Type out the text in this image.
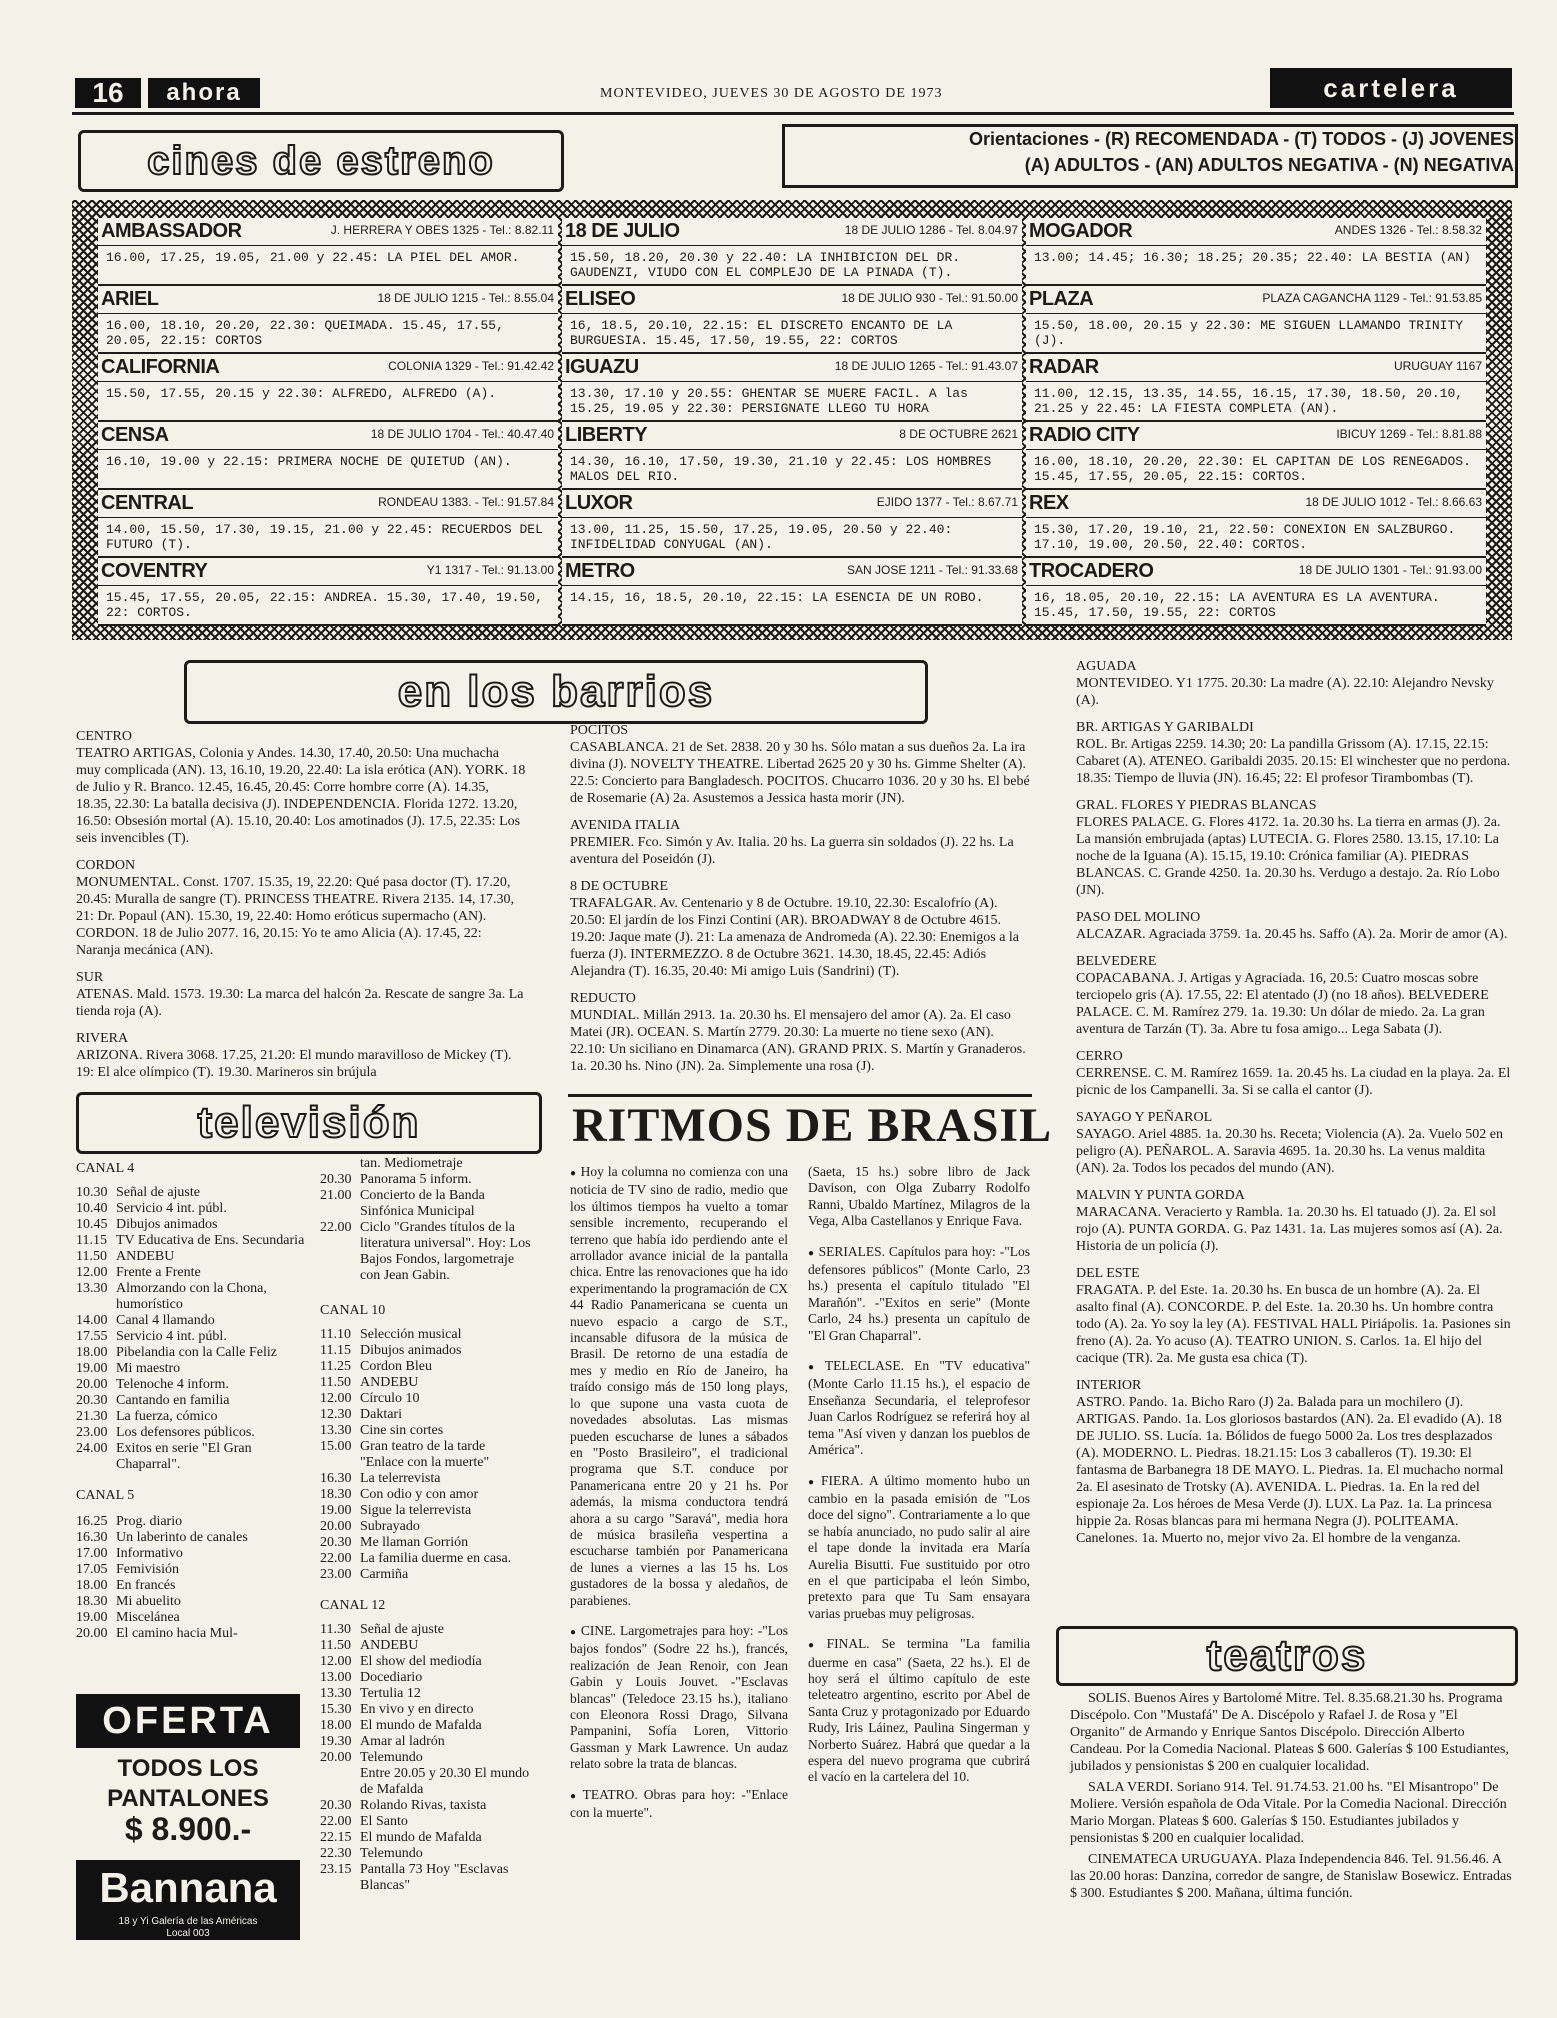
16	ahora	MONTEVIDEO, JUEVES 30 DE AGOSTO DE 1973	cartelera
cines de estreno	Orientaciones - (R) RECOMENDADA - (T) TODOS - (J) JOVENES
(A) ADULTOS - (AN) ADULTOS NEGATIVA - (N) NEGATIVA
AMBASSADOR	J. HERRERA Y OBES 1325 - Tel.: 8.82.11
16.00, 17.25, 19.05, 21.00 y 22.45: LA PIEL DEL AMOR.
ARIEL	18 DE JULIO 1215 - Tel.: 8.55.04
16.00, 18.10, 20.20, 22.30: QUEIMADA. 15.45, 17.55, 20.05, 22.15: CORTOS
CALIFORNIA	COLONIA 1329 - Tel.: 91.42.42
15.50, 17.55, 20.15 y 22.30: ALFREDO, ALFREDO (A).
CENSA	18 DE JULIO 1704 - Tel.: 40.47.40
16.10, 19.00 y 22.15: PRIMERA NOCHE DE QUIETUD (AN).
CENTRAL	RONDEAU 1383. - Tel.: 91.57.84
14.00, 15.50, 17.30, 19.15, 21.00 y 22.45: RECUERDOS DEL FUTURO (T).
COVENTRY	Y1 1317 - Tel.: 91.13.00
15.45, 17.55, 20.05, 22.15: ANDREA. 15.30, 17.40, 19.50, 22: CORTOS.
18 DE JULIO	18 DE JULIO 1286 - Tel. 8.04.97
15.50, 18.20, 20.30 y 22.40: LA INHIBICION DEL DR. GAUDENZI, VIUDO CON EL COMPLEJO DE LA PINADA (T).
ELISEO	18 DE JULIO 930 - Tel.: 91.50.00
16, 18.5, 20.10, 22.15: EL DISCRETO ENCANTO DE LA BURGUESIA. 15.45, 17.50, 19.55, 22: CORTOS
IGUAZU	18 DE JULIO 1265 - Tel.: 91.43.07
13.30, 17.10 y 20.55: GHENTAR SE MUERE FACIL. A las 15.25, 19.05 y 22.30: PERSIGNATE LLEGO TU HORA
LIBERTY	8 DE OCTUBRE 2621
14.30, 16.10, 17.50, 19.30, 21.10 y 22.45: LOS HOMBRES MALOS DEL RIO.
LUXOR	EJIDO 1377 - Tel.: 8.67.71
13.00, 11.25, 15.50, 17.25, 19.05, 20.50 y 22.40: INFIDELIDAD CONYUGAL (AN).
METRO	SAN JOSE 1211 - Tel.: 91.33.68
14.15, 16, 18.5, 20.10, 22.15: LA ESENCIA DE UN ROBO.
MOGADOR	ANDES 1326 - Tel.: 8.58.32
13.00; 14.45; 16.30; 18.25; 20.35; 22.40: LA BESTIA (AN)
PLAZA	PLAZA CAGANCHA 1129 - Tel.: 91.53.85
15.50, 18.00, 20.15 y 22.30: ME SIGUEN LLAMANDO TRINITY (J).
RADAR	URUGUAY 1167
11.00, 12.15, 13.35, 14.55, 16.15, 17.30, 18.50, 20.10, 21.25 y 22.45: LA FIESTA COMPLETA (AN).
RADIO CITY	IBICUY 1269 - Tel.: 8.81.88
16.00, 18.10, 20.20, 22.30: EL CAPITAN DE LOS RENEGADOS. 15.45, 17.55, 20.05, 22.15: CORTOS.
REX	18 DE JULIO 1012 - Tel.: 8.66.63
15.30, 17.20, 19.10, 21, 22.50: CONEXION EN SALZBURGO. 17.10, 19.00, 20.50, 22.40: CORTOS.
TROCADERO	18 DE JULIO 1301 - Tel.: 91.93.00
16, 18.05, 20.10, 22.15: LA AVENTURA ES LA AVENTURA. 15.45, 17.50, 19.55, 22: CORTOS
en los barrios
CENTRO

TEATRO ARTIGAS, Colonia y Andes. 14.30, 17.40, 20.50: Una muchacha muy complicada (AN). 13, 16.10, 19.20, 22.40: La isla erótica (AN). YORK. 18 de Julio y R. Branco. 12.45, 16.45, 20.45: Corre hombre corre (A). 14.35, 18.35, 22.30: La batalla decisiva (J). INDEPENDENCIA. Florida 1272. 13.20, 16.50: Obsesión mortal (A). 15.10, 20.40: Los amotinados (J). 17.5, 22.35: Los seis invencibles (T).

CORDON

MONUMENTAL. Const. 1707. 15.35, 19, 22.20: Qué pasa doctor (T). 17.20, 20.45: Muralla de sangre (T). PRINCESS THEATRE. Rivera 2135. 14, 17.30, 21: Dr. Popaul (AN). 15.30, 19, 22.40: Homo eróticus supermacho (AN). CORDON. 18 de Julio 2077. 16, 20.15: Yo te amo Alicia (A). 17.45, 22: Naranja mecánica (AN).

SUR

ATENAS. Mald. 1573. 19.30: La marca del halcón 2a. Rescate de sangre 3a. La tienda roja (A).

RIVERA

ARIZONA. Rivera 3068. 17.25, 21.20: El mundo maravilloso de Mickey (T). 19: El alce olímpico (T). 19.30. Marineros sin brújula

POCITOS

CASABLANCA. 21 de Set. 2838. 20 y 30 hs. Sólo matan a sus dueños 2a. La ira divina (J). NOVELTY THEATRE. Libertad 2625 20 y 30 hs. Gimme Shelter (A). 22.5: Concierto para Bangladesch. POCITOS. Chucarro 1036. 20 y 30 hs. El bebé de Rosemarie (A) 2a. Asustemos a Jessica hasta morir (JN).

AVENIDA ITALIA

PREMIER. Fco. Simón y Av. Italia. 20 hs. La guerra sin soldados (J). 22 hs. La aventura del Poseidón (J).

8 DE OCTUBRE

TRAFALGAR. Av. Centenario y 8 de Octubre. 19.10, 22.30: Escalofrío (A). 20.50: El jardín de los Finzi Contini (AR). BROADWAY 8 de Octubre 4615. 19.20: Jaque mate (J). 21: La amenaza de Andromeda (A). 22.30: Enemigos a la fuerza (J). INTERMEZZO. 8 de Octubre 3621. 14.30, 18.45, 22.45: Adiós Alejandra (T). 16.35, 20.40: Mi amigo Luis (Sandrini) (T).

REDUCTO

MUNDIAL. Millán 2913. 1a. 20.30 hs. El mensajero del amor (A). 2a. El caso Matei (JR). OCEAN. S. Martín 2779. 20.30: La muerte no tiene sexo (AN). 22.10: Un siciliano en Dinamarca (AN). GRAND PRIX. S. Martín y Granaderos. 1a. 20.30 hs. Nino (JN). 2a. Simplemente una rosa (J).

AGUADA

MONTEVIDEO. Y1 1775. 20.30: La madre (A). 22.10: Alejandro Nevsky (A).

BR. ARTIGAS Y GARIBALDI

ROL. Br. Artigas 2259. 14.30; 20: La pandilla Grissom (A). 17.15, 22.15: Cabaret (A). ATENEO. Garibaldi 2035. 20.15: El winchester que no perdona. 18.35: Tiempo de lluvia (JN). 16.45; 22: El profesor Tirambombas (T).

GRAL. FLORES Y PIEDRAS BLANCAS

FLORES PALACE. G. Flores 4172. 1a. 20.30 hs. La tierra en armas (J). 2a. La mansión embrujada (aptas) LUTECIA. G. Flores 2580. 13.15, 17.10: La noche de la Iguana (A). 15.15, 19.10: Crónica familiar (A). PIEDRAS BLANCAS. C. Grande 4250. 1a. 20.30 hs. Verdugo a destajo. 2a. Río Lobo (JN).

PASO DEL MOLINO

ALCAZAR. Agraciada 3759. 1a. 20.45 hs. Saffo (A). 2a. Morir de amor (A).

BELVEDERE

COPACABANA. J. Artigas y Agraciada. 16, 20.5: Cuatro moscas sobre terciopelo gris (A). 17.55, 22: El atentado (J) (no 18 años). BELVEDERE PALACE. C. M. Ramírez 279. 1a. 19.30: Un dólar de miedo. 2a. La gran aventura de Tarzán (T). 3a. Abre tu fosa amigo... Lega Sabata (J).

CERRO

CERRENSE. C. M. Ramírez 1659. 1a. 20.45 hs. La ciudad en la playa. 2a. El picnic de los Campanelli. 3a. Si se calla el cantor (J).

SAYAGO Y PEÑAROL

SAYAGO. Ariel 4885. 1a. 20.30 hs. Receta; Violencia (A). 2a. Vuelo 502 en peligro (A). PEÑAROL. A. Saravia 4695. 1a. 20.30 hs. La venus maldita (AN). 2a. Todos los pecados del mundo (AN).

MALVIN Y PUNTA GORDA

MARACANA. Veracierto y Rambla. 1a. 20.30 hs. El tatuado (J). 2a. El sol rojo (A). PUNTA GORDA. G. Paz 1431. 1a. Las mujeres somos así (A). 2a. Historia de un policía (J).

DEL ESTE

FRAGATA. P. del Este. 1a. 20.30 hs. En busca de un hombre (A). 2a. El asalto final (A). CONCORDE. P. del Este. 1a. 20.30 hs. Un hombre contra todo (A). 2a. Yo soy la ley (A). FESTIVAL HALL Piriápolis. 1a. Pasiones sin freno (A). 2a. Yo acuso (A). TEATRO UNION. S. Carlos. 1a. El hijo del cacique (TR). 2a. Me gusta esa chica (T).

INTERIOR

ASTRO. Pando. 1a. Bicho Raro (J) 2a. Balada para un mochilero (J). ARTIGAS. Pando. 1a. Los gloriosos bastardos (AN). 2a. El evadido (A). 18 DE JULIO. SS. Lucía. 1a. Bólidos de fuego 5000 2a. Los tres desplazados (A). MODERNO. L. Piedras. 18.21.15: Los 3 caballeros (T). 19.30: El fantasma de Barbanegra 18 DE MAYO. L. Piedras. 1a. El muchacho normal 2a. El asesinato de Trotsky (A). AVENIDA. L. Piedras. 1a. En la red del espionaje 2a. Los héroes de Mesa Verde (J). LUX. La Paz. 1a. La princesa hippie 2a. Rosas blancas para mi hermana Negra (J). POLITEAMA. Canelones. 1a. Muerto no, mejor vivo 2a. El hombre de la venganza.

televisión
CANAL 4
10.30 Señal de ajuste
10.40 Servicio 4 int. públ.
10.45 Dibujos animados
11.15 TV Educativa de Ens. Secundaria
11.50 ANDEBU
12.00 Frente a Frente
13.30 Almorzando con la Chona, humorístico
14.00 Canal 4 llamando
17.55 Servicio 4 int. públ.
18.00 Pibelandia con la Calle Feliz
19.00 Mi maestro
20.00 Telenoche 4 inform.
20.30 Cantando en familia
21.30 La fuerza, cómico
23.00 Los defensores públicos.
24.00 Exitos en serie "El Gran Chaparral".
CANAL 5
16.25 Prog. diario
16.30 Un laberinto de canales
17.00 Informativo
17.05 Femivisión
18.00 En francés
18.30 Mi abuelito
19.00 Miscelánea
20.00 El camino hacia Mul-
tan. Mediometraje
20.30 Panorama 5 inform.
21.00 Concierto de la Banda Sinfónica Municipal
22.00 Ciclo "Grandes títulos de la literatura universal". Hoy: Los Bajos Fondos, largometraje con Jean Gabin.
CANAL 10
11.10 Selección musical
11.15 Dibujos animados
11.25 Cordon Bleu
11.50 ANDEBU
12.00 Círculo 10
12.30 Daktari
13.30 Cine sin cortes
15.00 Gran teatro de la tarde "Enlace con la muerte"
16.30 La telerrevista
18.30 Con odio y con amor
19.00 Sigue la telerrevista
20.00 Subrayado
20.30 Me llaman Gorrión
22.00 La familia duerme en casa.
23.00 Carmiña
CANAL 12
11.30 Señal de ajuste
11.50 ANDEBU
12.00 El show del mediodía
13.00 Docediario
13.30 Tertulia 12
15.30 En vivo y en directo
18.00 El mundo de Mafalda
19.30 Amar al ladrón
20.00 Telemundo
Entre 20.05 y 20.30 El mundo de Mafalda
20.30 Rolando Rivas, taxista
22.00 El Santo
22.15 El mundo de Mafalda
22.30 Telemundo
23.15 Pantalla 73 Hoy "Esclavas Blancas"
OFERTA
TODOS LOS
PANTALONES
$ 8.900.-
Bannana
18 y Yi Galería de las Américas
Local 003
RITMOS DE BRASIL

● Hoy la columna no comienza con una noticia de TV sino de radio, medio que los últimos tiempos ha vuelto a tomar sensible incremento, recuperando el terreno que había ido perdiendo ante el arrollador avance inicial de la pantalla chica. Entre las renovaciones que ha ido experimentando la programación de CX 44 Radio Panamericana se cuenta un nuevo espacio a cargo de S.T., incansable difusora de la música de Brasil. De retorno de una estadía de mes y medio en Río de Janeiro, ha traído consigo más de 150 long plays, lo que supone una vasta cuota de novedades absolutas. Las mismas pueden escucharse de lunes a sábados en "Posto Brasileiro", el tradicional programa que S.T. conduce por Panamericana entre 20 y 21 hs. Por además, la misma conductora tendrá ahora a su cargo "Saravá", media hora de música brasileña vespertina a escucharse también por Panamericana de lunes a viernes a las 15 hs. Los gustadores de la bossa y aledaños, de parabienes.

● CINE. Largometrajes para hoy: -"Los bajos fondos" (Sodre 22 hs.), francés, realización de Jean Renoir, con Jean Gabin y Louis Jouvet. -"Esclavas blancas" (Teledoce 23.15 hs.), italiano con Eleonora Rossi Drago, Silvana Pampanini, Sofía Loren, Vittorio Gassman y Mark Lawrence. Un audaz relato sobre la trata de blancas.

● TEATRO. Obras para hoy: -"Enlace con la muerte".

(Saeta, 15 hs.) sobre libro de Jack Davison, con Olga Zubarry Rodolfo Ranni, Ubaldo Martínez, Milagros de la Vega, Alba Castellanos y Enrique Fava.

● SERIALES. Capítulos para hoy: -"Los defensores públicos" (Monte Carlo, 23 hs.) presenta el capítulo titulado "El Marañón". -"Exitos en serie" (Monte Carlo, 24 hs.) presenta un capítulo de "El Gran Chaparral".

● TELECLASE. En "TV educativa" (Monte Carlo 11.15 hs.), el espacio de Enseñanza Secundaria, el teleprofesor Juan Carlos Rodríguez se referirá hoy al tema "Así viven y danzan los pueblos de América".

● FIERA. A último momento hubo un cambio en la pasada emisión de "Los doce del signo". Contrariamente a lo que se había anunciado, no pudo salir al aire el tape donde la invitada era María Aurelia Bisutti. Fue sustituido por otro en el que participaba el león Simbo, pretexto para que Tu Sam ensayara varias pruebas muy peligrosas.

● FINAL. Se termina "La familia duerme en casa" (Saeta, 22 hs.). El de hoy será el último capítulo de este teleteatro argentino, escrito por Abel de Santa Cruz y protagonizado por Eduardo Rudy, Iris Láinez, Paulina Singerman y Norberto Suárez. Habrá que quedar a la espera del nuevo programa que cubrirá el vacío en la cartelera del 10.

teatros

SOLIS. Buenos Aires y Bartolomé Mitre. Tel. 8.35.68.21.30 hs. Programa Discépolo. Con "Mustafá" De A. Discépolo y Rafael J. de Rosa y "El Organito" de Armando y Enrique Santos Discépolo. Dirección Alberto Candeau. Por la Comedia Nacional. Plateas $ 600. Galerías $ 100 Estudiantes, jubilados y pensionistas $ 200 en cualquier localidad.

SALA VERDI. Soriano 914. Tel. 91.74.53. 21.00 hs. "El Misantropo" De Moliere. Versión española de Oda Vitale. Por la Comedia Nacional. Dirección Mario Morgan. Plateas $ 600. Galerías $ 150. Estudiantes jubilados y pensionistas $ 200 en cualquier localidad.

CINEMATECA URUGUAYA. Plaza Independencia 846. Tel. 91.56.46. A las 20.00 horas: Danzina, corredor de sangre, de Stanislaw Bosewicz. Entradas $ 300. Estudiantes $ 200. Mañana, última función.
